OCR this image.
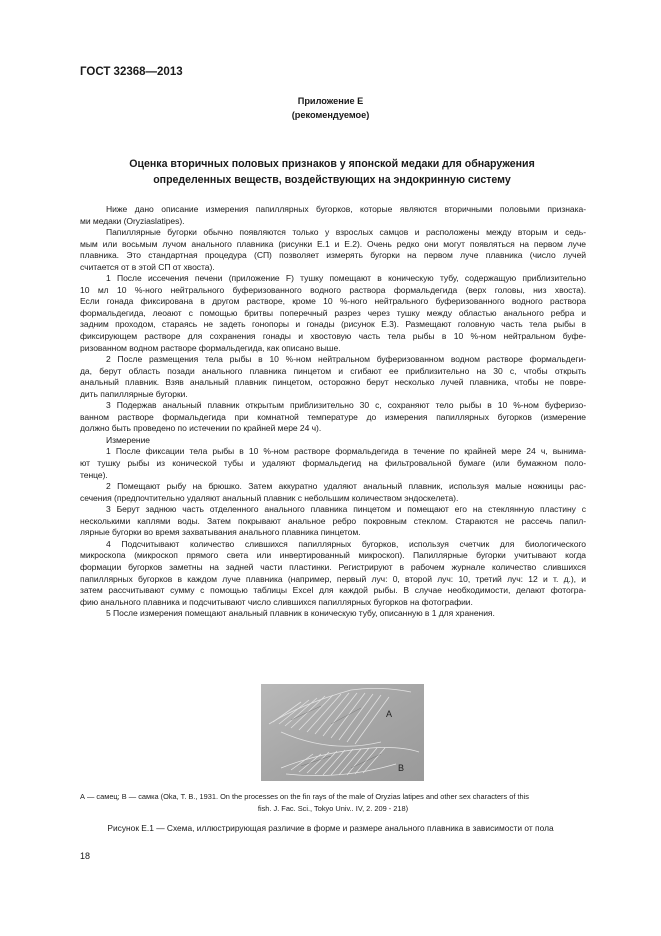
ГОСТ 32368—2013
Приложение Е
(рекомендуемое)
Оценка вторичных половых признаков у японской медаки для обнаружения
определенных веществ, воздействующих на эндокринную систему
Ниже дано описание измерения папиллярных бугорков, которые являются вторичными половыми признака-
ми медаки (Oryziaslatipes).
Папиллярные бугорки обычно появляются только у взрослых самцов и расположены между вторым и седь-
мым или восьмым лучом анального плавника (рисунки Е.1 и Е.2). Очень редко они могут появляться на первом луче
плавника. Это стандартная процедура (СП) позволяет измерять бугорки на первом луче плавника (число лучей
считается от в этой СП от хвоста).
1 После иссечения печени (приложение F) тушку помещают в коническую тубу, содержащую приблизительно
10 мл 10 %-ного нейтрального буферизованного водного раствора формальдегида (верх головы, низ хвоста).
Если гонада фиксирована в другом растворе, кроме 10 %-ного нейтрального буферизованного водного раствора
формальдегида, леоают с помощью бритвы поперечный разрез через тушку между областью анального ребра и
задним проходом, стараясь не задеть гонопоры и гонады (рисунок Е.3). Размещают головную часть тела рыбы в
фиксирующем растворе для сохранения гонады и хвостовую часть тела рыбы в 10 %-ном нейтральном буфе-
ризованном водном растворе формальдегида, как описано выше.
2 После размещения тела рыбы в 10 %-ном нейтральном буферизованном водном растворе формальдеги-
да, берут область позади анального плавника пинцетом и сгибают ее приблизительно на 30 с, чтобы открыть
анальный плавник. Взяв анальный плавник пинцетом, осторожно берут несколько лучей плавника, чтобы не повре-
дить папиллярные бугорки.
3 Подержав анальный плавник открытым приблизительно 30 с, сохраняют тело рыбы в 10 %-ном буферизо-
ванном растворе формальдегида при комнатной температуре до измерения папиллярных бугорков (измерение
должно быть проведено по истечении по крайней мере 24 ч).
Измерение
1 После фиксации тела рыбы в 10 %-ном растворе формальдегида в течение по крайней мере 24 ч, вынима-
ют тушку рыбы из конической тубы и удаляют формальдегид на фильтровальной бумаге (или бумажном поло-
тенце).
2 Помещают рыбу на брюшко. Затем аккуратно удаляют анальный плавник, используя малые ножницы рас-
сечения (предпочтительно удаляют анальный плавник с небольшим количеством эндоскелета).
3 Берут заднюю часть отделенного анального плавника пинцетом и помещают его на стеклянную пластину с
несколькими каплями воды. Затем покрывают анальное ребро покровным стеклом. Стараются не рассечь папил-
лярные бугорки во время захватывания анального плавника пинцетом.
4 Подсчитывают количество слившихся папиллярных бугорков, используя счетчик для биологического
микроскопа (микроскоп прямого света или инвертированный микроскоп). Папиллярные бугорки учитывают когда
формации бугорков заметны на задней части пластинки. Регистрируют в рабочем журнале количество слившихся
папиллярных бугорков в каждом луче плавника (например, первый луч: 0, второй луч: 10, третий луч: 12 и т. д.), и
затем рассчитывают сумму с помощью таблицы Excel для каждой рыбы. В случае необходимости, делают фотогра-
фию анального плавника и подсчитывают число слившихся папиллярных бугорков на фотографии.
5 После измерения помещают анальный плавник в коническую тубу, описанную в 1 для хранения.
A
B
А — самец; В — самка (Oka, T. B., 1931. On the processes on the fin rays of the male of Oryzias latipes and other sex characters of this
fish. J. Fac. Sci., Tokyo Univ.. IV, 2. 209 - 218)
Рисунок Е.1 — Схема, иллюстрирующая различие в форме и размере анального плавника в зависимости от пола
18
